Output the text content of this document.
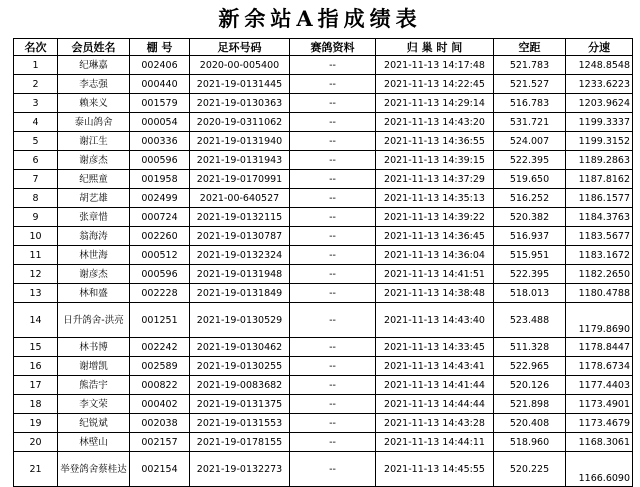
新余站A指成绩表
名次	会员姓名	棚 号	足环号码	赛鸽资料	归 巢 时 间	空距	分速
1	纪琳嘉	002406	2020-00-005400	--	2021-11-13 14:17:48	521.783	1248.8548
2	李志强	000440	2021-19-0131445	--	2021-11-13 14:22:45	521.527	1233.6223
3	赖来义	001579	2021-19-0130363	--	2021-11-13 14:29:14	516.783	1203.9624
4	泰山鸽舍	000054	2020-19-0311062	--	2021-11-13 14:43:20	531.721	1199.3337
5	谢江生	000336	2021-19-0131940	--	2021-11-13 14:36:55	524.007	1199.3152
6	谢彦杰	000596	2021-19-0131943	--	2021-11-13 14:39:15	522.395	1189.2863
7	纪熙童	001958	2021-19-0170991	--	2021-11-13 14:37:29	519.650	1187.8162
8	胡艺雄	002499	2021-00-640527	--	2021-11-13 14:35:13	516.252	1186.1577
9	张章惜	000724	2021-19-0132115	--	2021-11-13 14:39:22	520.382	1184.3763
10	翁海涛	002260	2021-19-0130787	--	2021-11-13 14:36:45	516.937	1183.5677
11	林世海	000512	2021-19-0132324	--	2021-11-13 14:36:04	515.951	1183.1672
12	谢彦杰	000596	2021-19-0131948	--	2021-11-13 14:41:51	522.395	1182.2650
13	林和盛	002228	2021-19-0131849	--	2021-11-13 14:38:48	518.013	1180.4788
14	日升鸽舍-洪亮	001251	2021-19-0130529	--	2021-11-13 14:43:40	523.488	1179.8690
15	林书博	002242	2021-19-0130462	--	2021-11-13 14:33:45	511.328	1178.8447
16	谢增凯	002589	2021-19-0130255	--	2021-11-13 14:43:41	522.965	1178.6734
17	熊浩宇	000822	2021-19-0083682	--	2021-11-13 14:41:44	520.126	1177.4403
18	李文荣	000402	2021-19-0131375	--	2021-11-13 14:44:44	521.898	1173.4901
19	纪锐斌	002038	2021-19-0131553	--	2021-11-13 14:43:28	520.408	1173.4679
20	林壁山	002157	2021-19-0178155	--	2021-11-13 14:44:11	518.960	1168.3061
21	举登鸽舍蔡桂达	002154	2021-19-0132273	--	2021-11-13 14:45:55	520.225	1166.6090
